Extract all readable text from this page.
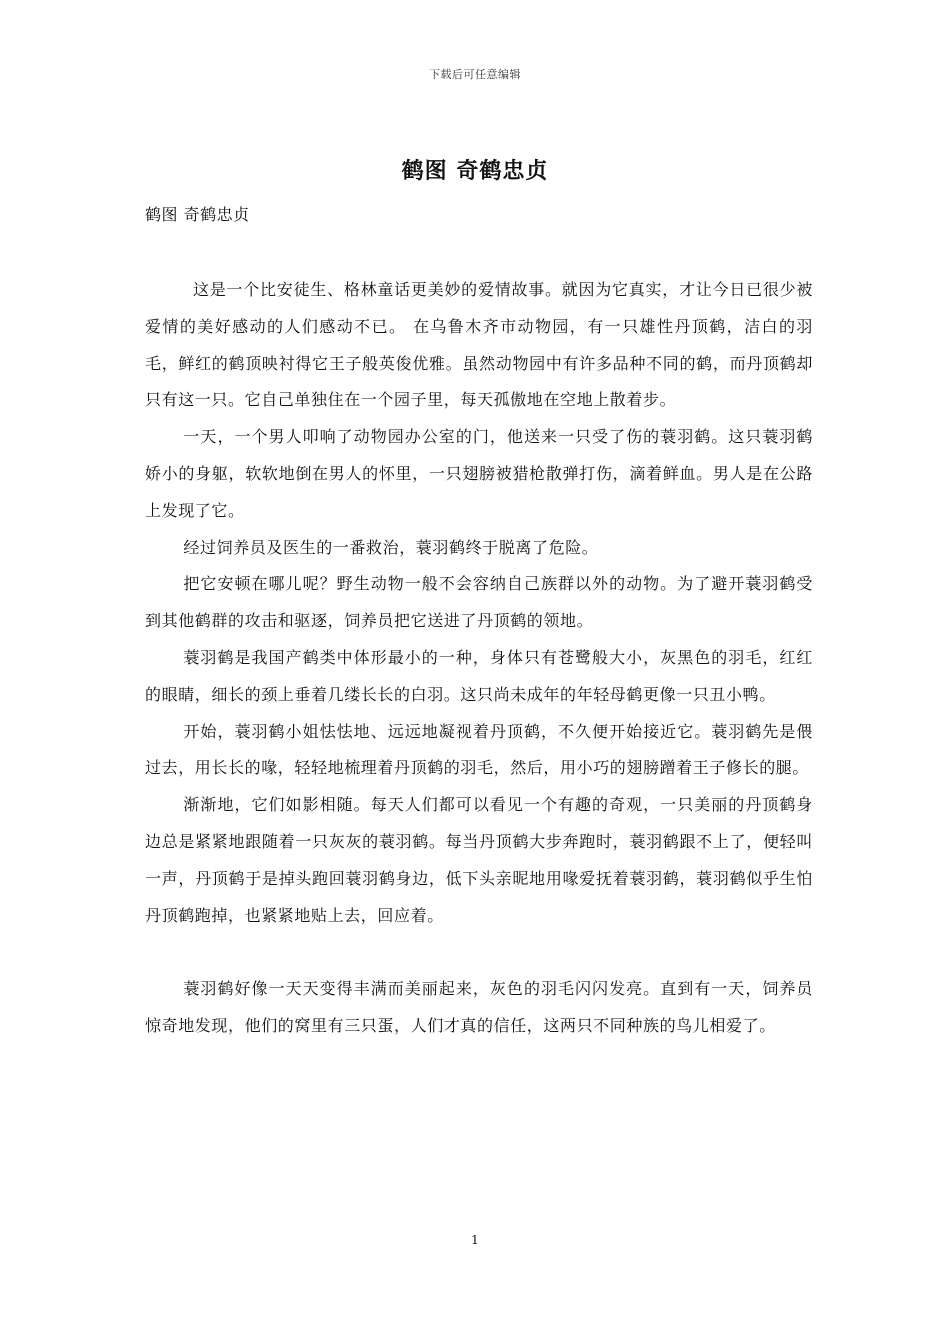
下载后可任意编辑
鹤图 奇鹤忠贞
鹤图 奇鹤忠贞

这是一个比安徒生、格林童话更美妙的爱情故事。就因为它真实，才让今日已很少被爱情的美好感动的人们感动不已。 在乌鲁木齐市动物园，有一只雄性丹顶鹤，洁白的羽毛，鲜红的鹤顶映衬得它王子般英俊优雅。虽然动物园中有许多品种不同的鹤，而丹顶鹤却只有这一只。它自己单独住在一个园子里，每天孤傲地在空地上散着步。

一天，一个男人叩响了动物园办公室的门，他送来一只受了伤的蓑羽鹤。这只蓑羽鹤娇小的身躯，软软地倒在男人的怀里，一只翅膀被猎枪散弹打伤，滴着鲜血。男人是在公路上发现了它。

经过饲养员及医生的一番救治，蓑羽鹤终于脱离了危险。

把它安顿在哪儿呢？野生动物一般不会容纳自己族群以外的动物。为了避开蓑羽鹤受到其他鹤群的攻击和驱逐，饲养员把它送进了丹顶鹤的领地。

蓑羽鹤是我国产鹤类中体形最小的一种，身体只有苍鹭般大小，灰黑色的羽毛，红红的眼睛，细长的颈上垂着几缕长长的白羽。这只尚未成年的年轻母鹤更像一只丑小鸭。

开始，蓑羽鹤小姐怯怯地、远远地凝视着丹顶鹤，不久便开始接近它。蓑羽鹤先是偎过去，用长长的喙，轻轻地梳理着丹顶鹤的羽毛，然后，用小巧的翅膀蹭着王子修长的腿。

渐渐地，它们如影相随。每天人们都可以看见一个有趣的奇观，一只美丽的丹顶鹤身边总是紧紧地跟随着一只灰灰的蓑羽鹤。每当丹顶鹤大步奔跑时，蓑羽鹤跟不上了，便轻叫一声，丹顶鹤于是掉头跑回蓑羽鹤身边，低下头亲昵地用喙爱抚着蓑羽鹤，蓑羽鹤似乎生怕丹顶鹤跑掉，也紧紧地贴上去，回应着。

蓑羽鹤好像一天天变得丰满而美丽起来，灰色的羽毛闪闪发亮。直到有一天，饲养员惊奇地发现，他们的窝里有三只蛋，人们才真的信任，这两只不同种族的鸟儿相爱了。

1
